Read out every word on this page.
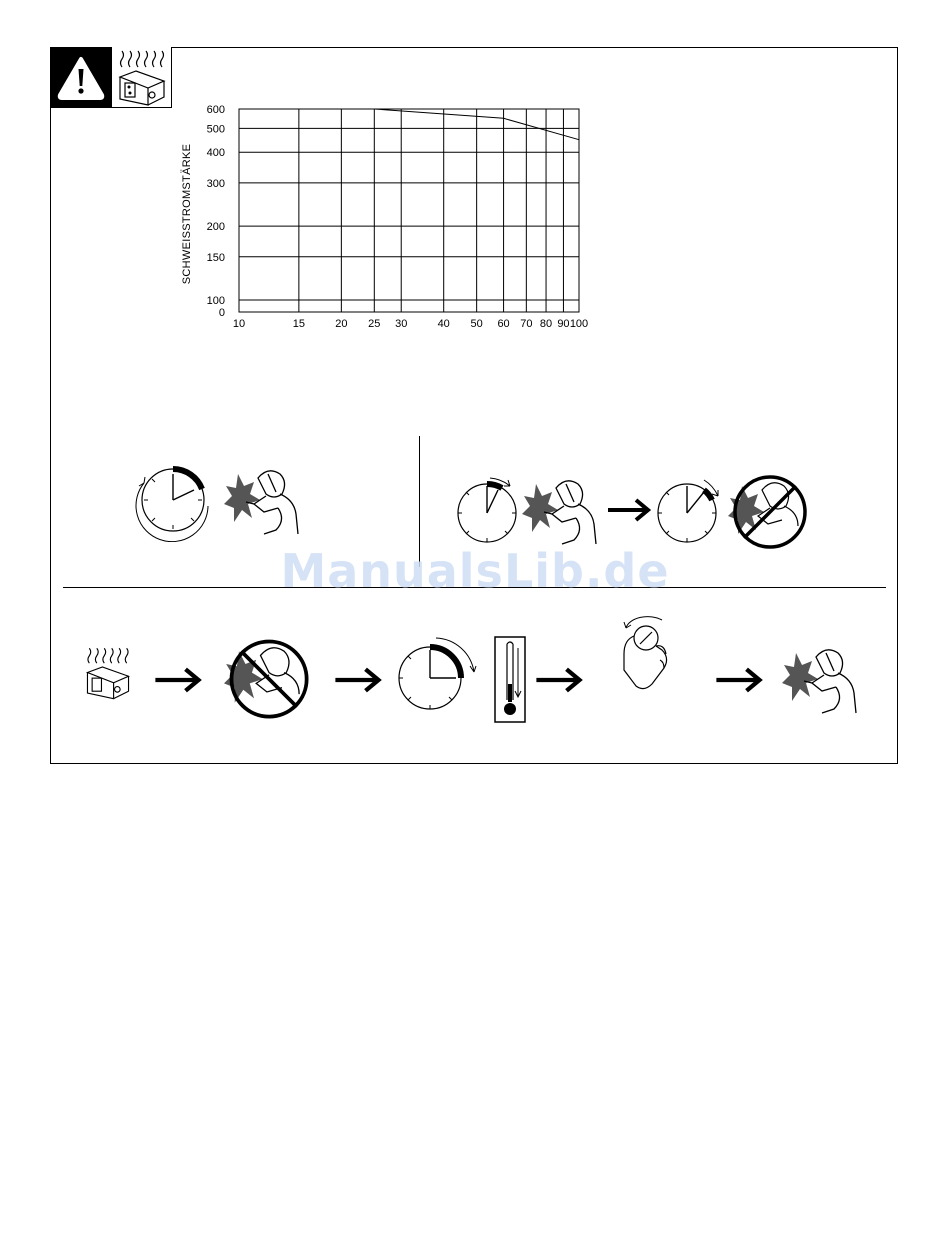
10	15	20 25 30	40 50 60 70 80 90 100
100
150
200
300
400
500
600
0
SCHWEISSTROMSTÄRKE
ManualsLib.de
